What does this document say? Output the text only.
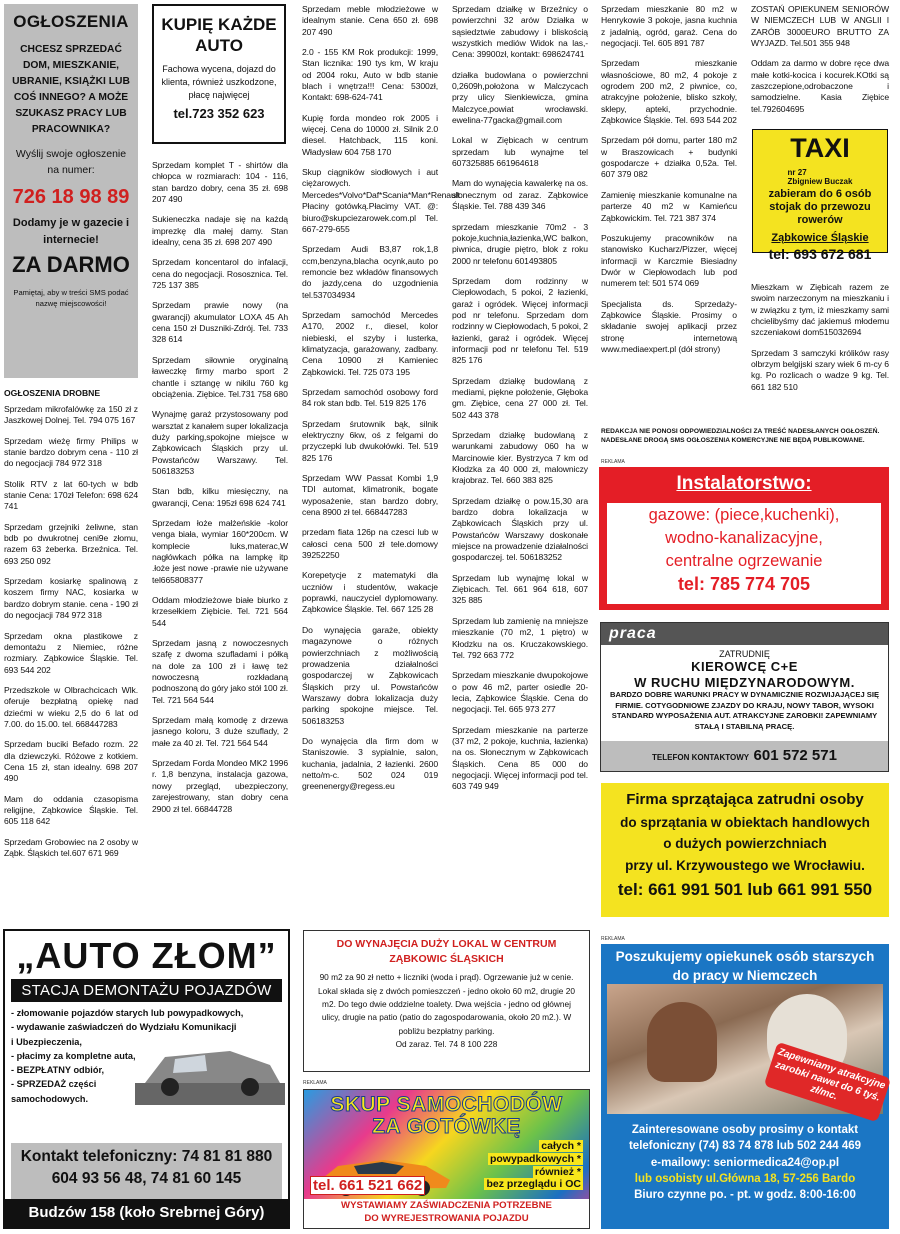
OGŁOSZENIA
CHCESZ SPRZEDAĆ DOM, MIESZKANIE, UBRANIE, KSIĄŻKI LUB COŚ INNEGO? A MOŻE SZUKASZ PRACY LUB PRACOWNIKA?
Wyślij swoje ogłoszenie na numer:
726 18 98 89
Dodamy je w gazecie i internecie!
ZA DARMO
Pamiętaj, aby w treści SMS podać nazwę miejscowości!
OGŁOSZENIA DROBNE

Sprzedam mikrofalówkę za 150 zł z Jaszkowej Dolnej. Tel. 794 075 167

Sprzedam wieżę firmy Philips w stanie bardzo dobrym cena - 110 zł do negocjacji 784 972 318

Stolik RTV z lat 60-tych w bdb stanie Cena: 170zł Telefon: 698 624 741

Sprzedam grzejniki żeliwne, stan bdb po dwukrotnej ceni9e złomu, razem 63 żeberka. Brzeźnica. Tel. 693 250 092

Sprzedam kosiarkę spalinową z koszem firmy NAC, kosiarka w bardzo dobrym stanie. cena - 190 zł do negocjacji 784 972 318

Sprzedam okna plastikowe z demontażu z Niemiec, różne rozmiary. Ząbkowice Śląskie. Tel. 693 544 202

Przedszkole w Olbrachcicach Wlk. oferuje bezpłatną opiekę nad dziećmi w wieku 2,5 do 6 lat od 7.00. do 15.00. tel. 668447283

Sprzedam buciki Befado rozm. 22 dla dziewczyki. Różowe z kotkiem. Cena 15 zł, stan idealny. 698 207 490

Mam do oddania czasopisma religijne, Ząbkowice Śląskie. Tel. 605 118 642

Sprzedam Grobowiec na 2 osoby w Ząbk. Śląskich tel.607 671 969

KUPIĘ KAŻDE AUTO
Fachowa wycena, dojazd do klienta, również uszkodzone, płacę najwięcej
tel.723 352 623

Sprzedam komplet T - shirtów dla chłopca w rozmiarach: 104 - 116, stan bardzo dobry, cena 35 zł. 698 207 490

Sukieneczka nadaje się na każdą imprezkę dla małej damy. Stan idealny, cena 35 zł. 698 207 490

Sprzedam koncentarol do infalacji, cena do negocjacji. Rososznica. Tel. 725 137 385

Sprzedam prawie nowy (na gwarancji) akumulator LOXA 45 Ah cena 150 zł Duszniki-Zdrój. Tel. 733 328 614

Sprzedam siłownie oryginalną ławeczkę firmy marbo sport 2 chantle i sztangę w nikilu 760 kg obciążenia. Ziębice. Tel.731 758 680

Wynajmę garaż przystosowany pod warsztat z kanałem super lokalizacja duży parking,spokojne miejsce w Ząbkowicach Śląskich przy ul. Powstańców Warszawy. Tel. 506183253

Stan bdb, kilku miesięczny, na gwarancji, Cena: 195zł 698 624 741

Sprzedam łoże małżeńskie -kolor venga biała, wymiar 160*200cm. W komplecie luks,materac,W nagłówkach półka na lampkę itp .łoże jest nowe -prawie nie używane tel665808377

Oddam młodzieżowe białe biurko z krzesełkiem Ziębicie. Tel. 721 564 544

Sprzedam jasną z nowoczesnych szafę z dwoma szufladami i półką na dole za 100 zł i ławę też nowoczesną rozkładaną podnoszoną do góry jako stół 100 zł. Tel. 721 564 544

Sprzedam małą komodę z drzewa jasnego koloru, 3 duże szuflady, 2 małe za 40 zł. Tel. 721 564 544

Sprzedam Forda Mondeo MK2 1996 r. 1,8 benzyna, instalacja gazowa, nowy przegląd, ubezpieczony, zarejestrowany, stan dobry cena 2900 zł tel. 66844728

Sprzedam meble młodzieżowe w idealnym stanie. Cena 650 zł. 698 207 490

2.0 - 155 KM Rok produkcji: 1999, Stan licznika: 190 tys km, W kraju od 2004 roku, Auto w bdb stanie blach i wnętrza!!! Cena: 5300zł, Kontakt: 698-624-741

Kupię forda mondeo rok 2005 i więcej. Cena do 10000 zł. Silnik 2.0 diesel. Hatchback, 115 koni. Władysław 604 758 170

Skup ciągników siodłowych i aut ciężarowych. Mercedes*Volvo*Daf*Scania*Man*Renault Płaciny gotówką.Płacimy VAT. @: biuro@skupciezarowek.com.pl Tel. 667-279-655

Sprzedam Audi B3,87 rok,1,8 ccm,benzyna,blacha ocynk,auto po remoncie bez wkładów finansowych do jazdy,cena do uzgodnienia tel.537034934

Sprzedam samochód Mercedes A170, 2002 r., diesel, kolor niebieski, el szyby i lusterka, klimatyzacja, garażowany, zadbany. Cena 10900 zł Kamieniec Ząbkowicki. Tel. 725 073 195

Sprzedam samochód osobowy ford 84 rok stan bdb. Tel. 519 825 176

Sprzedam śrutownik bąk, silnik elektryczny 6kw, oś z felgami do przyczepki lub dwukołówki. Tel. 519 825 176

Sprzedam WW Passat Kombi 1,9 TDI automat, klimatronik, bogate wyposażenie, stan bardzo dobry, cena 8900 zł tel. 668447283

przedam fiata 126p na czesci lub w całosci cena 500 zł tele.domowy 39252250

Korepetycje z matematyki dla uczniów i studentów, wakacje poprawki, nauczyciel dyplomowany. Ząbkowice Śląskie. Tel. 667 125 28

Do wynajęcia garaże, obiekty magazynowe o różnych powierzchniach z możliwością prowadzenia działalności gospodarczej w Ząbkowicach Śląskich przy ul. Powstańców Warszawy dobra lokalizacja duży parking spokojne miejsce. Tel. 506183253

Do wynajęcia dla firm dom w Staniszowie. 3 sypialnie, salon, kuchania, jadalnia, 2 łazienki. 2600 netto/m-c. 502 024 019 greenenergy@regess.eu

Sprzedam działkę w Brzeźnicy o powierzchni 32 arów Działka w sąsiedztwie zabudowy i bliskością wszystkich mediów Widok na las,- Cena: 39900zł, kontakt: 698624741

działka budowlana o powierzchni 0,2609h,położona w Malczycach przy ulicy Sienkiewicza, gmina Malczyce,powiat wrocławski. ewelina-77gacka@gmail.com

Lokal w Ziębicach w centrum sprzedam lub wynajme tel 607325885 661964618

Mam do wynajęcia kawalerkę na os. słonecznym od zaraz. Ząbkowice Śląskie. Tel. 788 439 346

sprzedam mieszkanie 70m2 - 3 pokoje,kuchnia,łazienka,WC balkon, piwnica, drugie piętro, blok z roku 2000 nr telefonu 601493805

Sprzedam dom rodzinny w Ciepłowodach, 5 pokoi, 2 łazienki, garaż i ogródek. Więcej informacji pod nr telefonu. Sprzedam dom rodzinny w Ciepłowodach, 5 pokoi, 2 łazienki, garaż i ogródek. Więcej informacji pod nr telefonu Tel. 519 825 176

Sprzedam działkę budowlaną z mediami, piękne położenie, Głęboka gm. Ziębice, cena 27 000 zł. Tel. 502 443 378

Sprzedam działkę budowlaną z warunkami zabudowy 060 ha w Marcinowie kier. Bystrzyca 7 km od Kłodzka za 40 000 zł, malowniczy krajobraz. Tel. 660 383 825

Sprzedam działkę o pow.15,30 ara bardzo dobra lokalizacja w Ząbkowicach Śląskich przy ul. Powstańców Warszawy doskonałe miejsce na prowadzenie działalności gospodarczej. tel. 506183252

Sprzedam lub wynajmę lokal w Ziębicach. Tel. 661 964 618, 607 325 885

Sprzedam lub zamienię na mniejsze mieszkanie (70 m2, 1 piętro) w Kłodzku na os. Kruczakowskiego. Tel. 792 663 772

Sprzedam mieszkanie dwupokojowe o pow 46 m2, parter osiedle 20-lecia, Ząbkowice Śląskie. Cena do negocjacji. Tel. 665 973 277

Sprzedam mieszkanie na parterze (37 m2, 2 pokoje, kuchnia, łazienka) na os. Słonecznym w Ząbkowicach Śląskich. Cena 85 000 do negocjacji. Więcej informacji pod tel. 603 749 949

Sprzedam mieszkanie 80 m2 w Henrykowie 3 pokoje, jasna kuchnia z jadalnią, ogród, garaż. Cena do negocjacji. Tel. 605 891 787

Sprzedam mieszkanie własnościowe, 80 m2, 4 pokoje z ogrodem 200 m2, 2 piwnice, co, atrakcyjne położenie, blisko szkoły, sklepy, apteki, przychodnie. Ząbkowice Śląskie. Tel. 693 544 202

Sprzedam pół domu, parter 180 m2 w Braszowicach + budynki gospodarcze + działka 0,52a. Tel. 607 379 082

Zamienię mieszkanie komunalne na parterze 40 m2 w Kamieńcu Ząbkowickim. Tel. 721 387 374

Poszukujemy pracowników na stanowisko Kucharz/Pizzer, więcej informacji w Karczmie Biesiadny Dwór w Ciepłowodach lub pod numerem tel: 501 574 069

Specjalista ds. Sprzedaży- Ząbkowice Śląskie. Prosimy o składanie swojej aplikacji przez stronę internetową www.mediaexpert.pl (dół strony)

ZOSTAŃ OPIEKUNEM SENIORÓW W NIEMCZECH LUB W ANGLII I ZARÓB 3000EURO BRUTTO ZA WYJAZD. Tel.501 355 948

Oddam za darmo w dobre ręce dwa małe kotki-kocica i kocurek.KOtki są zaszczepione,odrobaczone i samodzielne. Kasia Ziębice tel.792604695

TAXI nr 27
Zbigniew Buczak
zabieram do 6 osób stojak do przewozu rowerów
Ząbkowice Śląskie
tel: 693 672 681

Mieszkam w Ziębicah razem ze swoim narzeczonym na mieszkaniu i w związku z tym, iż mieszkamy sami chcielibyśmy dać jakiemuś młodemu szczeniakowi dom515032694

Sprzedam 3 samczyki królików rasy olbrzym belgijski szary wiek 6 m-cy 6 kg. Po rozlicach o wadze 9 kg. Tel. 661 182 510

REDAKCJA NIE PONOSI ODPOWIEDZIALNOŚCI ZA TREŚĆ NADESŁANYCH OGŁOSZEŃ. NADESŁANE DROGĄ SMS OGŁOSZENIA KOMERCYJNE NIE BĘDĄ PUBLIKOWANE.
REKLAMA
Instalatorstwo:
gazowe: (piece,kuchenki),
wodno-kanalizacyjne,
centralne ogrzewanie
tel: 785 774 705
praca
ZATRUDNIĘ
KIEROWCĘ C+E
W RUCHU MIĘDZYNARODOWYM.
BARDZO DOBRE WARUNKI PRACY W DYNAMICZNIE ROZWIJAJĄCEJ SIĘ FIRMIE. COTYGODNIOWE ZJAZDY DO KRAJU, NOWY TABOR, WYSOKI STANDARD WYPOSAŻENIA AUT. ATRAKCYJNE ZAROBKI! ZAPEWNIAMY STAŁĄ I STABILNĄ PRACĘ.
TELEFON KONTAKTOWY 601 572 571
Firma sprzątająca zatrudni osoby
do sprzątania w obiektach handlowych
o dużych powierzchniach
przy ul. Krzywoustego we Wrocławiu.
tel: 661 991 501 lub 661 991 550
„AUTO ZŁOM”
STACJA DEMONTAŻU POJAZDÓW
- złomowanie pojazdów starych lub powypadkowych,
- wydawanie zaświadczeń do Wydziału Komunikacji
i Ubezpieczenia,
- płacimy za kompletne auta,
- BEZPŁATNY odbiór,
- SPRZEDAŻ części
samochodowych.
Kontakt telefoniczny: 74 81 81 880
604 93 56 48, 74 81 60 145
Budzów 158 (koło Srebrnej Góry)
DO WYNAJĘCIA DUŻY LOKAL W CENTRUM
ZĄBKOWIC ŚLĄSKICH
90 m2 za 90 zł netto + liczniki (woda i prąd). Ogrzewanie już w cenie. Lokal składa się z dwóch pomieszczeń - jedno około 60 m2, drugie 20 m2. Do tego dwie oddzielne toalety. Dwa wejścia - jedno od głównej ulicy, drugie na patio (patio do zagospodarowania, około 20 m2.). W pobliżu bezpłatny parking.
Od zaraz. Tel. 74 8 100 228
REKLAMA
SKUP SAMOCHODÓW
ZA GOTÓWKĘ
całych *
powypadkowych *
również *
bez przeglądu i OC
tel. 661 521 662
WYSTAWIAMY ZAŚWIADCZENIA POTRZEBNE
DO WYREJESTROWANIA POJAZDU
REKLAMA
Poszukujemy opiekunek osób starszych
do pracy w Niemczech
Zapewniamy atrakcyjne zarobki nawet do 6 tyś. zł/mc.
Zainteresowane osoby prosimy o kontakt
telefoniczny (74) 83 74 878 lub 502 244 469
e-mailowy: seniormedica24@op.pl
lub osobisty ul.Główna 18, 57-256 Bardo
Biuro czynne po. - pt. w godz. 8:00-16:00
